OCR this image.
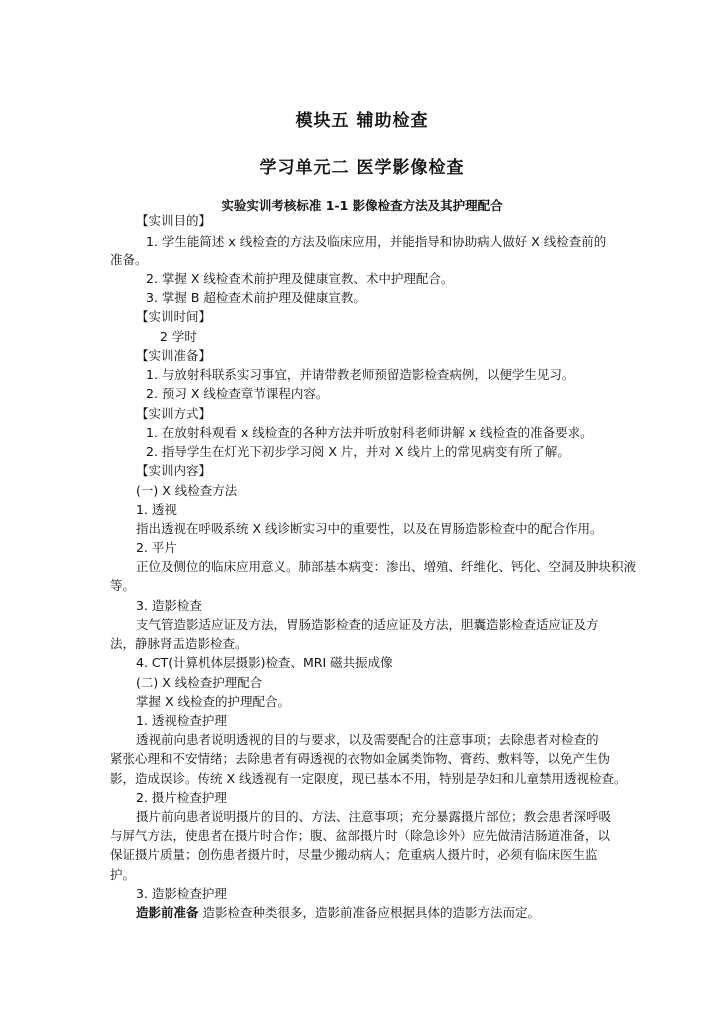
模块五 辅助检查
学习单元二 医学影像检查
实验实训考核标准 1-1 影像检查方法及其护理配合
【实训目的】
1. 学生能简述 x 线检查的方法及临床应用，并能指导和协助病人做好 X 线检查前的
准备。
2. 掌握 X 线检查术前护理及健康宣教、术中护理配合。
3. 掌握 B 超检查术前护理及健康宣教。
【实训时间】
2 学时
【实训准备】
1. 与放射科联系实习事宜，并请带教老师预留造影检查病例，以便学生见习。
2. 预习 X 线检查章节课程内容。
【实训方式】
1. 在放射科观看 x 线检查的各种方法并听放射科老师讲解 x 线检查的准备要求。
2. 指导学生在灯光下初步学习阅 X 片，并对 X 线片上的常见病变有所了解。
【实训内容】
(一) X 线检查方法
1. 透视
指出透视在呼吸系统 X 线诊断实习中的重要性，以及在胃肠造影检查中的配合作用。
2. 平片
正位及侧位的临床应用意义。肺部基本病变：渗出、增殖、纤维化、钙化、空洞及肿块积液
等。
3. 造影检查
支气管造影适应证及方法，胃肠造影检查的适应证及方法，胆囊造影检查适应证及方
法，静脉肾盂造影检查。
4. CT(计算机体层摄影)检查、MRI 磁共振成像
(二) X 线检查护理配合
掌握 X 线检查的护理配合。
1. 透视检查护理
透视前向患者说明透视的目的与要求，以及需要配合的注意事项；去除患者对检查的
紧张心理和不安情绪；去除患者有碍透视的衣物如金属类饰物、膏药、敷料等，以免产生伪
影，造成误诊。传统 X 线透视有一定限度，现已基本不用，特别是孕妇和儿童禁用透视检查。
2. 摄片检查护理
摄片前向患者说明摄片的目的、方法、注意事项；充分暴露摄片部位；教会患者深呼吸
与屏气方法，使患者在摄片时合作；腹、盆部摄片时（除急诊外）应先做清洁肠道准备，以
保证摄片质量；创伤患者摄片时，尽量少搬动病人；危重病人摄片时，必须有临床医生监
护。
3. 造影检查护理
造影前准备 造影检查种类很多，造影前准备应根据具体的造影方法而定。
